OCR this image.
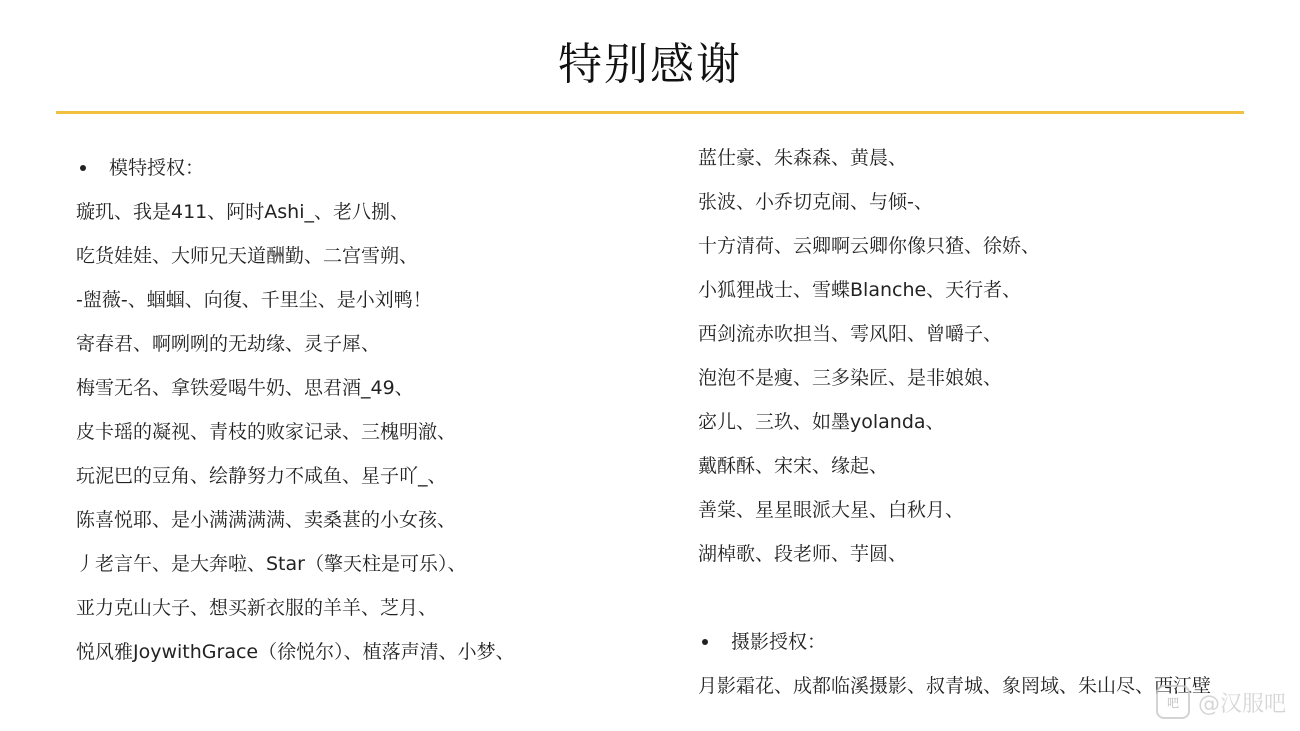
特别感谢
模特授权：
璇玑、我是411、阿时Ashi_、老八捌、
吃货娃娃、大师兄天道酬勤、二宫雪朔、
-盥薇-、蝈蝈、向復、千里尘、是小刘鸭！
寄春君、啊咧咧的无劫缘、灵子犀、
梅雪无名、拿铁爱喝牛奶、思君酒_49、
皮卡瑶的凝视、青枝的败家记录、三槐明澈、
玩泥巴的豆角、绘静努力不咸鱼、星子吖_、
陈喜悦耶、是小满满满满、卖桑葚的小女孩、
丿老言午、是大奔啦、Star（擎天柱是可乐）、
亚力克山大子、想买新衣服的羊羊、芝月、
悦风雅JoywithGrace（徐悦尔）、植落声清、小梦、
蓝仕豪、朱森森、黄晨、
张波、小乔切克闹、与倾-、
十方清荷、云卿啊云卿你像只猹、徐娇、
小狐狸战士、雪蝶Blanche、天行者、
西剑流赤吹担当、雩风阳、曾嚼子、
泡泡不是瘦、三多染匠、是非娘娘、
宓儿、三玖、如墨yolanda、
戴酥酥、宋宋、缘起、
善棠、星星眼派大星、白秋月、
湖棹歌、段老师、芋圆、
摄影授权：
月影霜花、成都临溪摄影、叔青城、象罔域、朱山尽、西江壁
吧 @汉服吧
